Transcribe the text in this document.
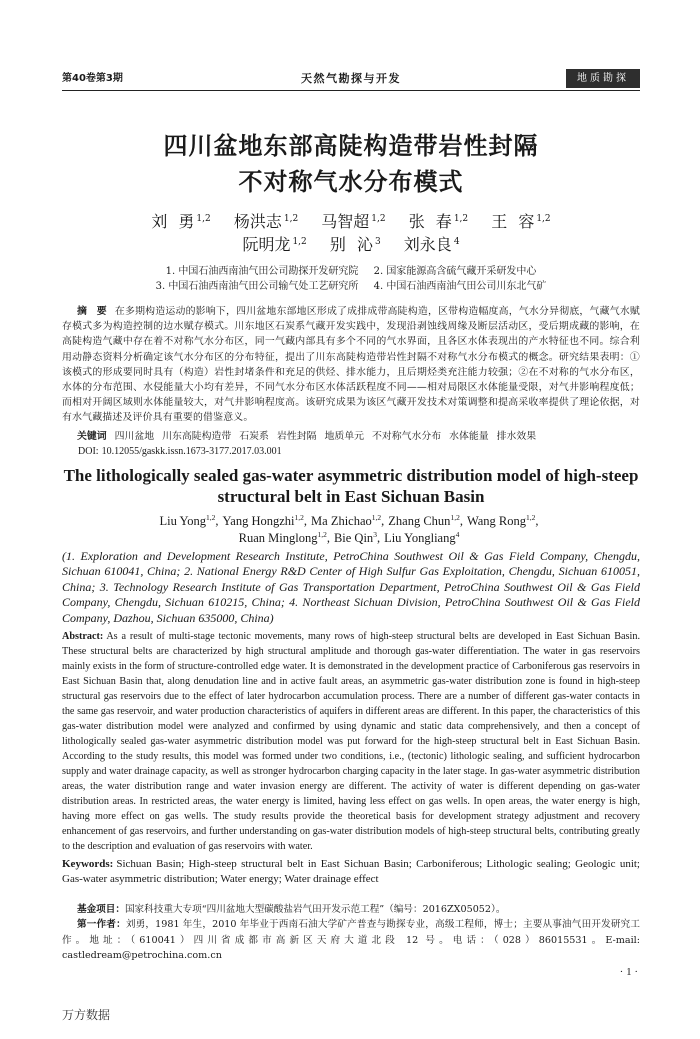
第40卷第3期	天然气勘探与开发	地质勘探
四川盆地东部高陡构造带岩性封隔
不对称气水分布模式
刘 勇 $^{1,2}$ 杨洪志 $^{1,2}$ 马智超 $^{1,2}$ 张 春 $^{1,2}$ 王 容 $^{1,2}$
阮明龙 $^{1,2}$ 别 沁 $^3$ 刘永良 $^4$
1. 中国石油西南油气田公司勘探开发研究院 2. 国家能源高含硫气藏开采研发中心
3. 中国石油西南油气田公司输气处工艺研究所 4. 中国石油西南油气田公司川东北气矿

摘 要 在多期构造运动的影响下，四川盆地东部地区形成了成排成带高陡构造，区带构造幅度高，气水分异彻底，气藏气水赋存模式多为构造控制的边水赋存模式。川东地区石炭系气藏开发实践中，发现沿剥蚀线周缘及断层活动区，受后期成藏的影响，在高陡构造气藏中存在着不对称气水分布区，同一气藏内部具有多个不同的气水界面，且各区水体表现出的产水特征也不同。综合利用动静态资料分析确定该气水分布区的分布特征，提出了川东高陡构造带岩性封隔不对称气水分布模式的概念。研究结果表明：①该模式的形成要同时具有（构造）岩性封堵条件和充足的供烃、排水能力，且后期烃类充注能力较强；②在不对称的气水分布区，水体的分布范围、水侵能量大小均有差异，不同气水分布区水体活跃程度不同——相对局限区水体能量受限，对气井影响程度低；而相对开阔区域则水体能量较大，对气井影响程度高。该研究成果为该区气藏开发技术对策调整和提高采收率提供了理论依据，对有水气藏描述及评价具有重要的借鉴意义。

关键词 四川盆地 川东高陡构造带 石炭系 岩性封隔 地质单元 不对称气水分布 水体能量 排水效果
DOI: 10.12055/gaskk.issn.1673-3177.2017.03.001
The lithologically sealed gas-water asymmetric distribution model of high-steep structural belt in East Sichuan Basin
Liu Yong$^{1,2}$, Yang Hongzhi$^{1,2}$, Ma Zhichao$^{1,2}$, Zhang Chun$^{1,2}$, Wang Rong$^{1,2}$,
Ruan Minglong$^{1,2}$, Bie Qin$^3$, Liu Yongliang$^4$
(1. Exploration and Development Research Institute, PetroChina Southwest Oil & Gas Field Company, Chengdu, Sichuan 610041, China; 2. National Energy R&D Center of High Sulfur Gas Exploitation, Chengdu, Sichuan 610051, China; 3. Technology Research Institute of Gas Transportation Department, PetroChina Southwest Oil & Gas Field Company, Chengdu, Sichuan 610215, China; 4. Northeast Sichuan Division, PetroChina Southwest Oil & Gas Field Company, Dazhou, Sichuan 635000, China)

Abstract: As a result of multi-stage tectonic movements, many rows of high-steep structural belts are developed in East Sichuan Basin. These structural belts are characterized by high structural amplitude and thorough gas-water differentiation. The water in gas reservoirs mainly exists in the form of structure-controlled edge water. It is demonstrated in the development practice of Carboniferous gas reservoirs in East Sichuan Basin that, along denudation line and in active fault areas, an asymmetric gas-water distribution zone is found in high-steep structural gas reservoirs due to the effect of later hydrocarbon accumulation process. There are a number of different gas-water contacts in the same gas reservoir, and water production characteristics of aquifers in different areas are different. In this paper, the characteristics of this gas-water distribution model were analyzed and confirmed by using dynamic and static data comprehensively, and then a concept of lithologically sealed gas-water asymmetric distribution model was put forward for the high-steep structural belt in East Sichuan Basin. According to the study results, this model was formed under two conditions, i.e., (tectonic) lithologic sealing, and sufficient hydrocarbon supply and water drainage capacity, as well as stronger hydrocarbon charging capacity in the later stage. In gas-water asymmetric distribution areas, the water distribution range and water invasion energy are different. The activity of water is different depending on gas-water distribution areas. In restricted areas, the water energy is limited, having less effect on gas wells. In open areas, the water energy is high, having more effect on gas wells. The study results provide the theoretical basis for development strategy adjustment and recovery enhancement of gas reservoirs, and further understanding on gas-water distribution models of high-steep structural belts, contributing greatly to the description and evaluation of gas reservoirs with water.

Keywords: Sichuan Basin; High-steep structural belt in East Sichuan Basin; Carboniferous; Lithologic sealing; Geologic unit; Gas-water asymmetric distribution; Water energy; Water drainage effect

基金项目：国家科技重大专项“四川盆地大型碳酸盐岩气田开发示范工程”（编号：2016ZX05052）。

第一作者：刘勇，1981 年生，2010 年毕业于西南石油大学矿产普查与勘探专业，高级工程师，博士；主要从事油气田开发研究工作。地址：（610041）四川省成都市高新区天府大道北段 12 号。电话：（028）86015531。E-mail: castledream@petrochina.com.cn

· 1 ·
万方数据
